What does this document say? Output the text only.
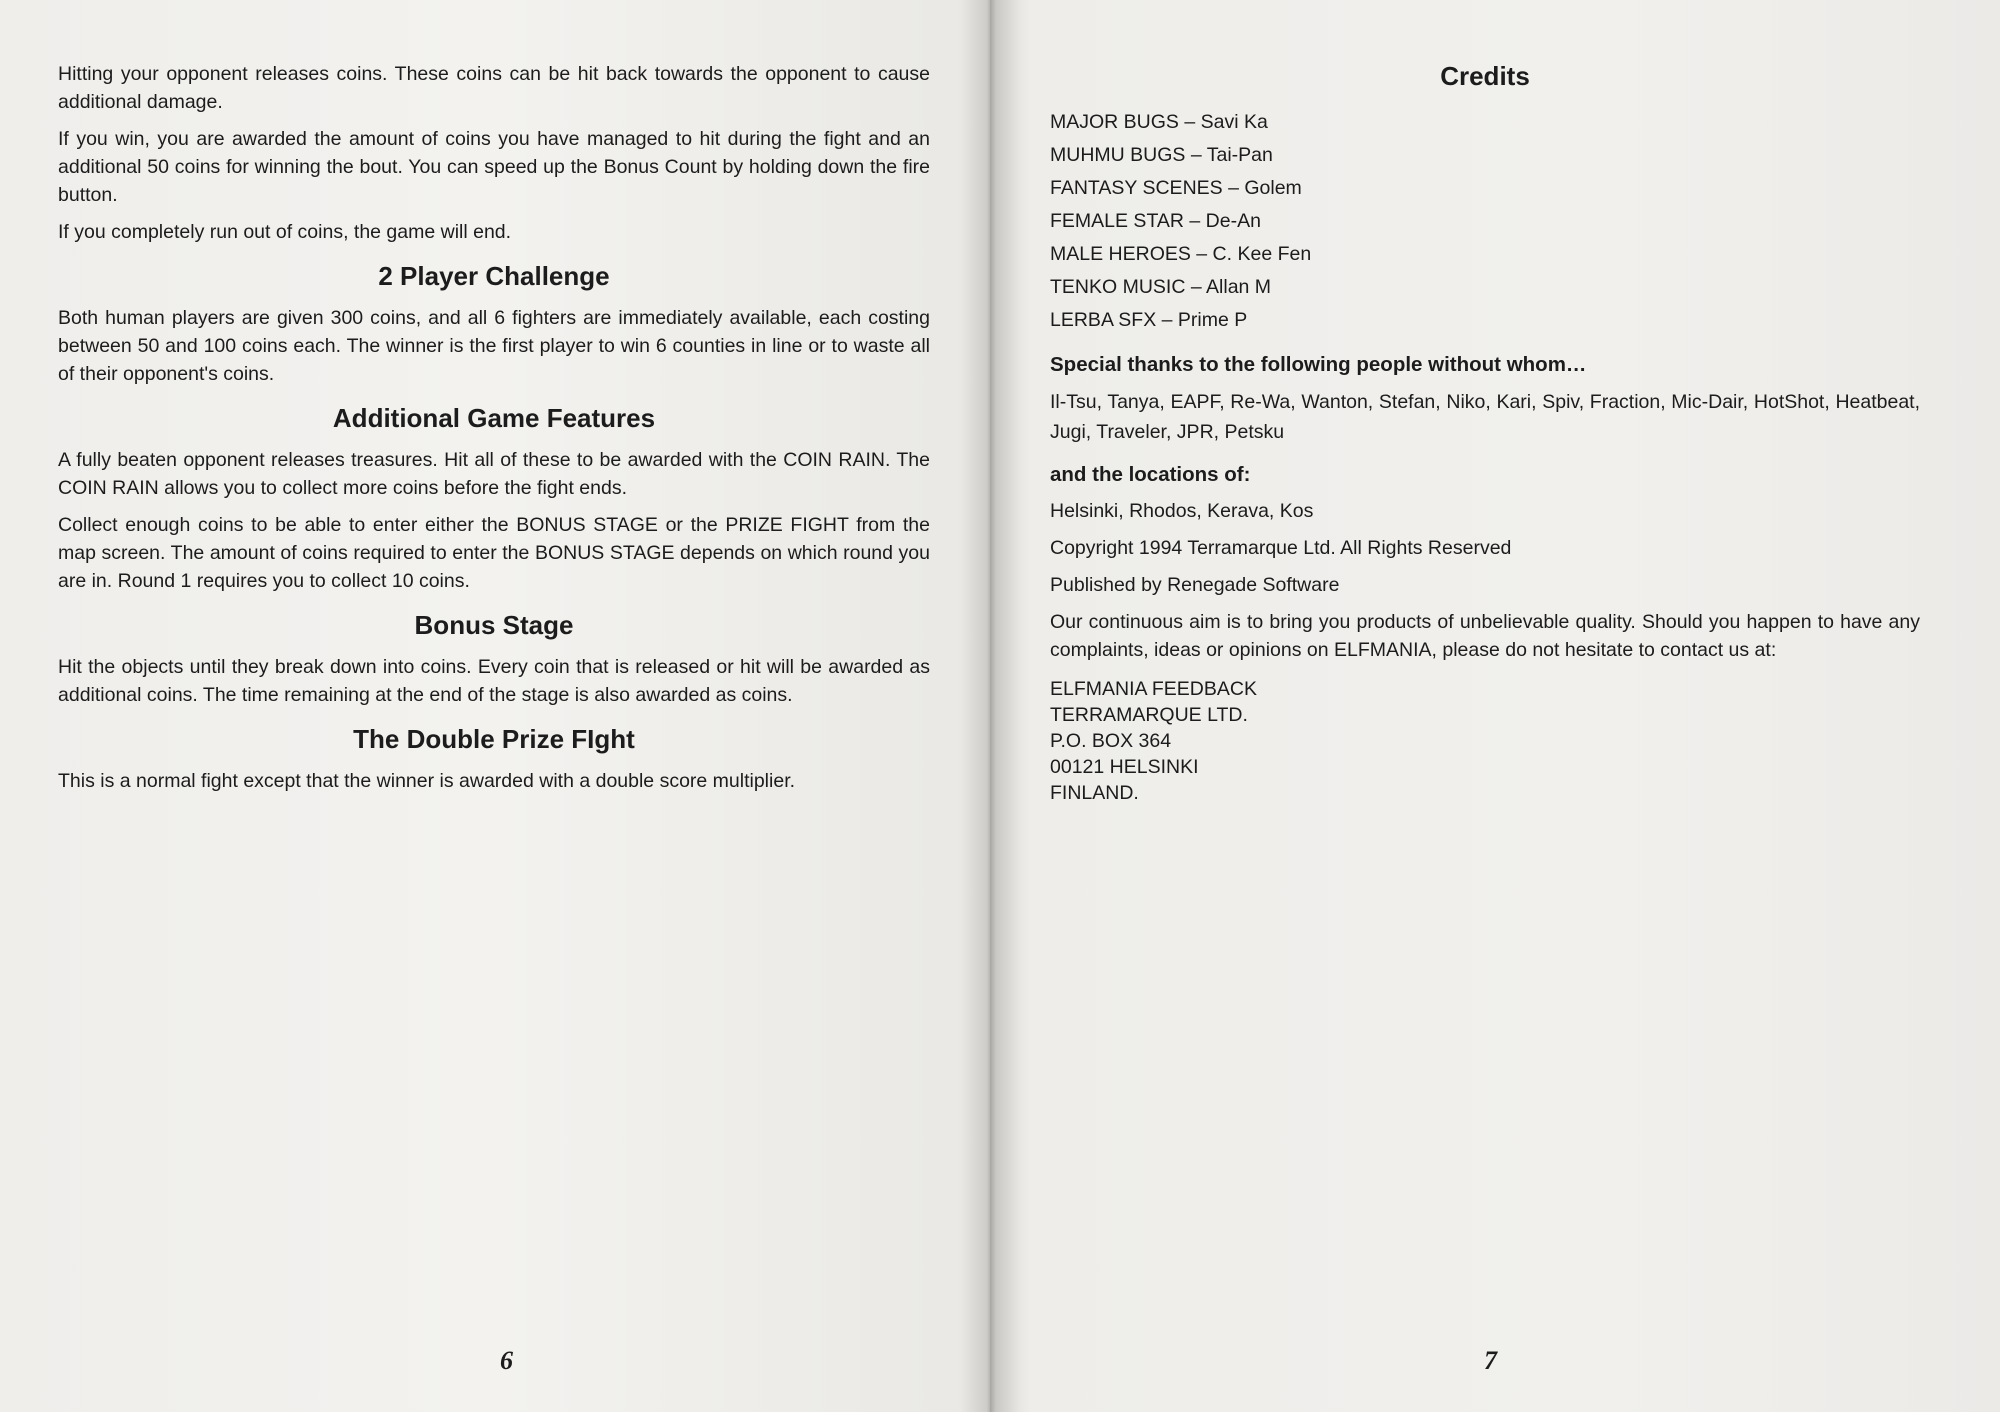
Hitting your opponent releases coins. These coins can be hit back towards the opponent to cause additional damage.

If you win, you are awarded the amount of coins you have managed to hit during the fight and an additional 50 coins for winning the bout. You can speed up the Bonus Count by holding down the fire button.

If you completely run out of coins, the game will end.

2 Player Challenge

Both human players are given 300 coins, and all 6 fighters are immediately available, each costing between 50 and 100 coins each. The winner is the first player to win 6 counties in line or to waste all of their opponent's coins.

Additional Game Features

A fully beaten opponent releases treasures. Hit all of these to be awarded with the COIN RAIN. The COIN RAIN allows you to collect more coins before the fight ends.

Collect enough coins to be able to enter either the BONUS STAGE or the PRIZE FIGHT from the map screen. The amount of coins required to enter the BONUS STAGE depends on which round you are in. Round 1 requires you to collect 10 coins.

Bonus Stage

Hit the objects until they break down into coins. Every coin that is released or hit will be awarded as additional coins. The time remaining at the end of the stage is also awarded as coins.

The Double Prize FIght

This is a normal fight except that the winner is awarded with a double score multiplier.

6
Credits
MAJOR BUGS – Savi Ka
MUHMU BUGS – Tai-Pan
FANTASY SCENES – Golem
FEMALE STAR – De-An
MALE HEROES – C. Kee Fen
TENKO MUSIC – Allan M
LERBA SFX – Prime P
Special thanks to the following people without whom…

Il-Tsu, Tanya, EAPF, Re-Wa, Wanton, Stefan, Niko, Kari, Spiv, Fraction, Mic-Dair, HotShot, Heatbeat, Jugi, Traveler, JPR, Petsku

and the locations of:

Helsinki, Rhodos, Kerava, Kos

Copyright 1994 Terramarque Ltd. All Rights Reserved

Published by Renegade Software

Our continuous aim is to bring you products of unbelievable quality. Should you happen to have any complaints, ideas or opinions on ELFMANIA, please do not hesitate to contact us at:

ELFMANIA FEEDBACK
TERRAMARQUE LTD.
P.O. BOX 364
00121 HELSINKI
FINLAND.
7
